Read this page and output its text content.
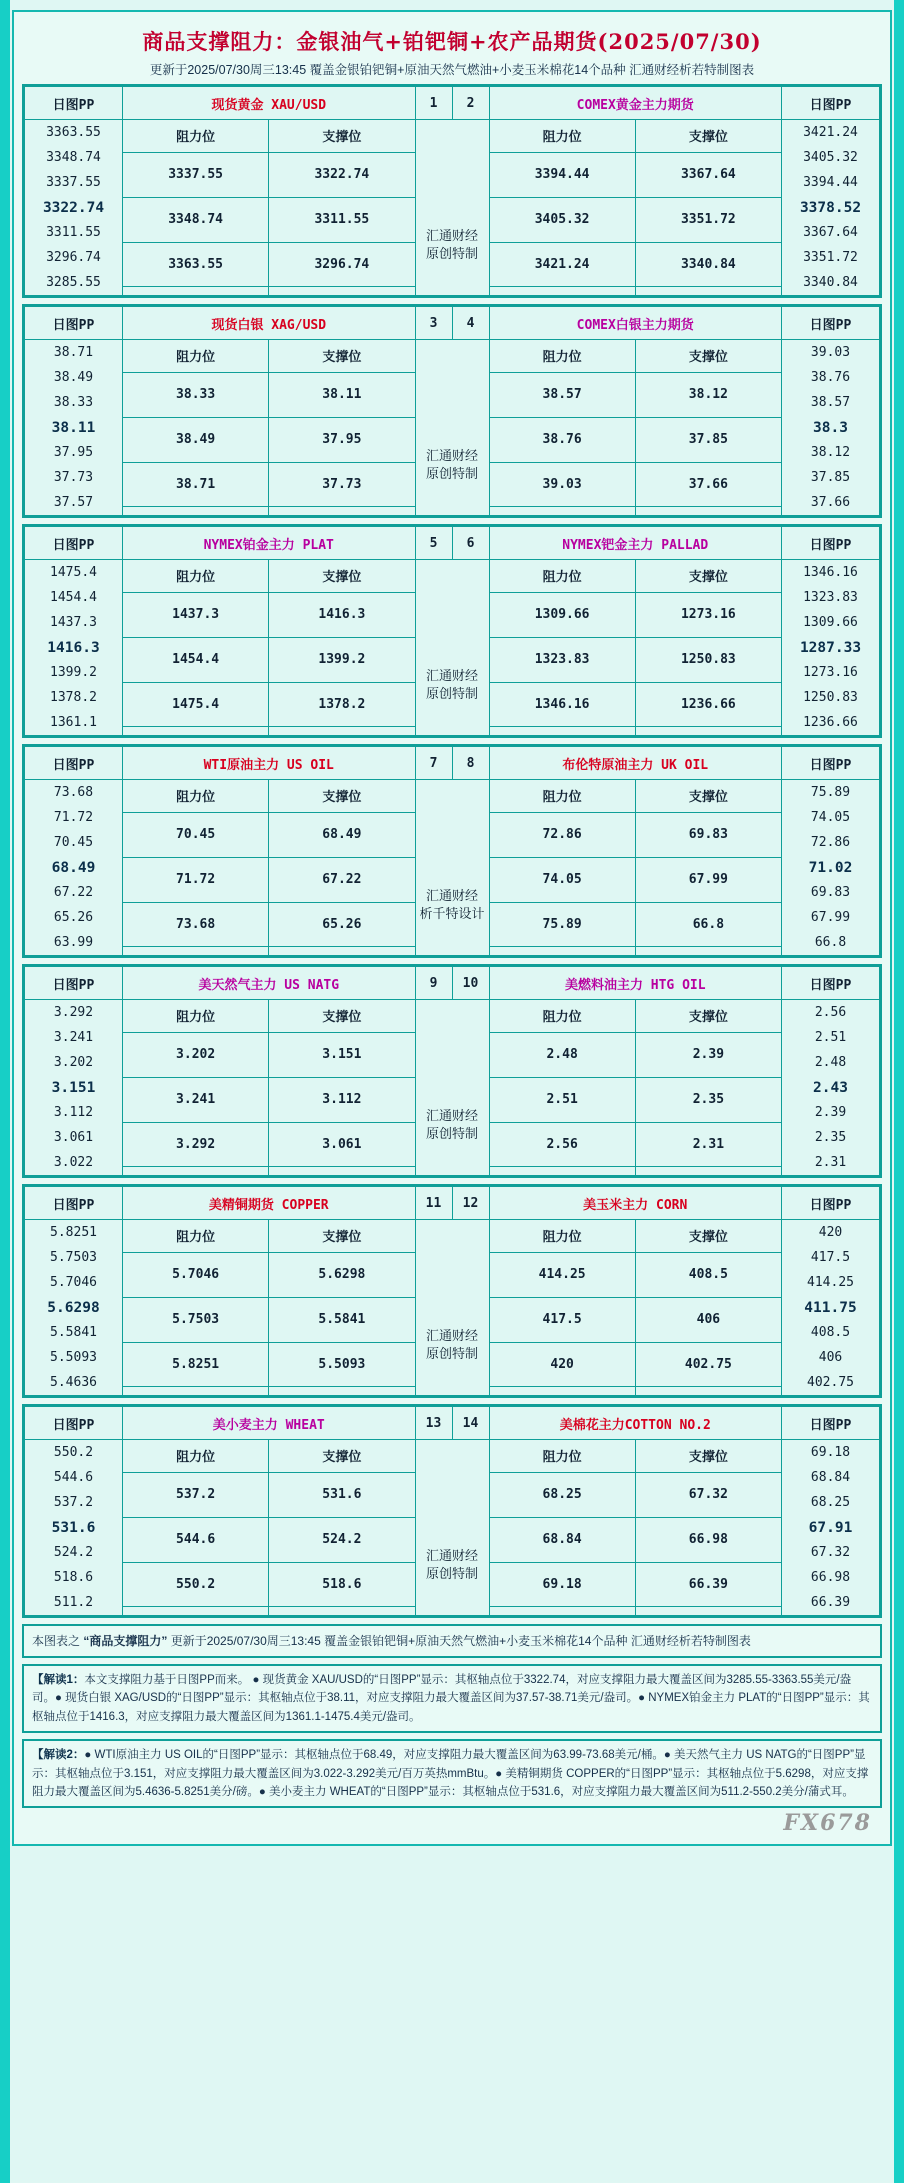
商品支撑阻力：金银油气+铂钯铜+农产品期货(2025/07/30)
更新于2025/07/30周三13:45 覆盖金银铂钯铜+原油天然气燃油+小麦玉米棉花14个品种 汇通财经析若特制图表
日图PP	现货黄金 XAU/USD	1	2	COMEX黄金主力期货	日图PP

3363.55
3348.74
3337.55
3322.74
3311.55
3296.74
3285.55
	阻力位	支撑位	
汇通财经
原创特制
	阻力位	支撑位		3421.24
3405.32
3394.44
3378.52
3367.64
3351.72
3340.84

3337.55	3322.74	3394.44	3367.64
3348.74	3311.55	3405.32	3351.72
3363.55	3296.74	3421.24	3340.84

日图PP	现货白银 XAG/USD	3	4	COMEX白银主力期货	日图PP

38.71
38.49
38.33
38.11
37.95
37.73
37.57
	阻力位	支撑位	
汇通财经
原创特制
	阻力位	支撑位		39.03
38.76
38.57
38.3
38.12
37.85
37.66

38.33	38.11	38.57	38.12
38.49	37.95	38.76	37.85
38.71	37.73	39.03	37.66

日图PP	NYMEX铂金主力 PLAT	5	6	NYMEX钯金主力 PALLAD	日图PP

1475.4
1454.4
1437.3
1416.3
1399.2
1378.2
1361.1
	阻力位	支撑位	
汇通财经
原创特制
	阻力位	支撑位		1346.16
1323.83
1309.66
1287.33
1273.16
1250.83
1236.66

1437.3	1416.3	1309.66	1273.16
1454.4	1399.2	1323.83	1250.83
1475.4	1378.2	1346.16	1236.66

日图PP	WTI原油主力 US OIL	7	8	布伦特原油主力 UK OIL	日图PP

73.68
71.72
70.45
68.49
67.22
65.26
63.99
	阻力位	支撑位	
汇通财经
析千特设计
	阻力位	支撑位		75.89
74.05
72.86
71.02
69.83
67.99
66.8

70.45	68.49	72.86	69.83
71.72	67.22	74.05	67.99
73.68	65.26	75.89	66.8

日图PP	美天然气主力 US NATG	9	10	美燃料油主力 HTG OIL	日图PP

3.292
3.241
3.202
3.151
3.112
3.061
3.022
	阻力位	支撑位	
汇通财经
原创特制
	阻力位	支撑位		2.56
2.51
2.48
2.43
2.39
2.35
2.31

3.202	3.151	2.48	2.39
3.241	3.112	2.51	2.35
3.292	3.061	2.56	2.31

日图PP	美精铜期货 COPPER	11	12	美玉米主力 CORN	日图PP

5.8251
5.7503
5.7046
5.6298
5.5841
5.5093
5.4636
	阻力位	支撑位	
汇通财经
原创特制
	阻力位	支撑位		420
417.5
414.25
411.75
408.5
406
402.75

5.7046	5.6298	414.25	408.5
5.7503	5.5841	417.5	406
5.8251	5.5093	420	402.75

日图PP	美小麦主力 WHEAT	13	14	美棉花主力COTTON NO.2	日图PP

550.2
544.6
537.2
531.6
524.2
518.6
511.2
	阻力位	支撑位	
汇通财经
原创特制
	阻力位	支撑位		69.18
68.84
68.25
67.91
67.32
66.98
66.39

537.2	531.6	68.25	67.32
544.6	524.2	68.84	66.98
550.2	518.6	69.18	66.39

本图表之 “商品支撑阻力” 更新于2025/07/30周三13:45 覆盖金银铂钯铜+原油天然气燃油+小麦玉米棉花14个品种 汇通财经析若特制图表
【解读1：本文支撑阻力基于日图PP而来。 ● 现货黄金 XAU/USD的“日图PP”显示：其枢轴点位于3322.74，对应支撑阻力最大覆盖区间为3285.55-3363.55美元/盎司。● 现货白银 XAG/USD的“日图PP”显示：其枢轴点位于38.11，对应支撑阻力最大覆盖区间为37.57-38.71美元/盎司。● NYMEX铂金主力 PLAT的“日图PP”显示：其枢轴点位于1416.3，对应支撑阻力最大覆盖区间为1361.1-1475.4美元/盎司。
【解读2：● WTI原油主力 US OIL的“日图PP”显示：其枢轴点位于68.49，对应支撑阻力最大覆盖区间为63.99-73.68美元/桶。● 美天然气主力 US NATG的“日图PP”显示：其枢轴点位于3.151，对应支撑阻力最大覆盖区间为3.022-3.292美元/百万英热mmBtu。● 美精铜期货 COPPER的“日图PP”显示：其枢轴点位于5.6298，对应支撑阻力最大覆盖区间为5.4636-5.8251美分/磅。● 美小麦主力 WHEAT的“日图PP”显示：其枢轴点位于531.6，对应支撑阻力最大覆盖区间为511.2-550.2美分/蒲式耳。
FX678
